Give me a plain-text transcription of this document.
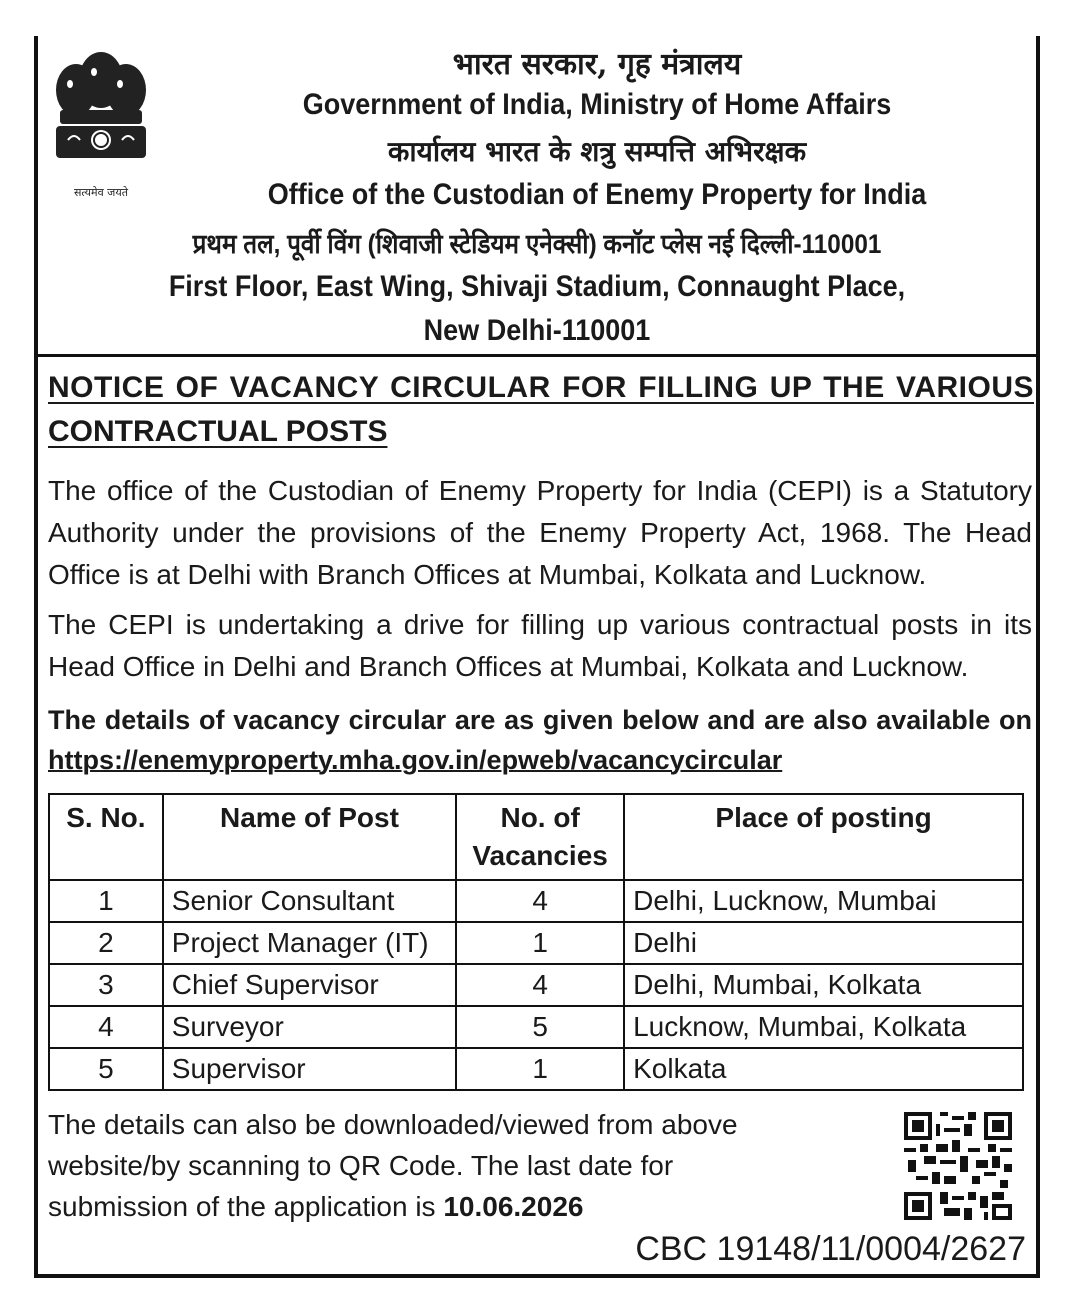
सत्यमेव जयते
भारत सरकार, गृह मंत्रालय
Government of India, Ministry of Home Affairs
कार्यालय भारत के शत्रु सम्पत्ति अभिरक्षक
Office of the Custodian of Enemy Property for India
प्रथम तल, पूर्वी विंग (शिवाजी स्टेडियम एनेक्सी) कनॉट प्लेस नई दिल्ली-110001
First Floor, East Wing, Shivaji Stadium, Connaught Place,
New Delhi-110001
NOTICE OF VACANCY CIRCULAR FOR FILLING UP THE VARIOUS
CONTRACTUAL POSTS
The office of the Custodian of Enemy Property for India (CEPI) is a Statutory Authority under the provisions of the Enemy Property Act, 1968. The Head Office is at Delhi with Branch Offices at Mumbai, Kolkata and Lucknow.
The CEPI is undertaking a drive for filling up various contractual posts in its Head Office in Delhi and Branch Offices at Mumbai, Kolkata and Lucknow.
The details of vacancy circular are as given below and are also available on https://enemyproperty.mha.gov.in/epweb/vacancycircular
S. No.	Name of Post	No. of Vacancies	Place of posting
1	Senior Consultant	4	Delhi, Lucknow, Mumbai
2	Project Manager (IT)	1	Delhi
3	Chief Supervisor	4	Delhi, Mumbai, Kolkata
4	Surveyor	5	Lucknow, Mumbai, Kolkata
5	Supervisor	1	Kolkata
The details can also be downloaded/viewed from above website/by scanning to QR Code. The last date for submission of the application is 10.06.2026
CBC 19148/11/0004/2627
